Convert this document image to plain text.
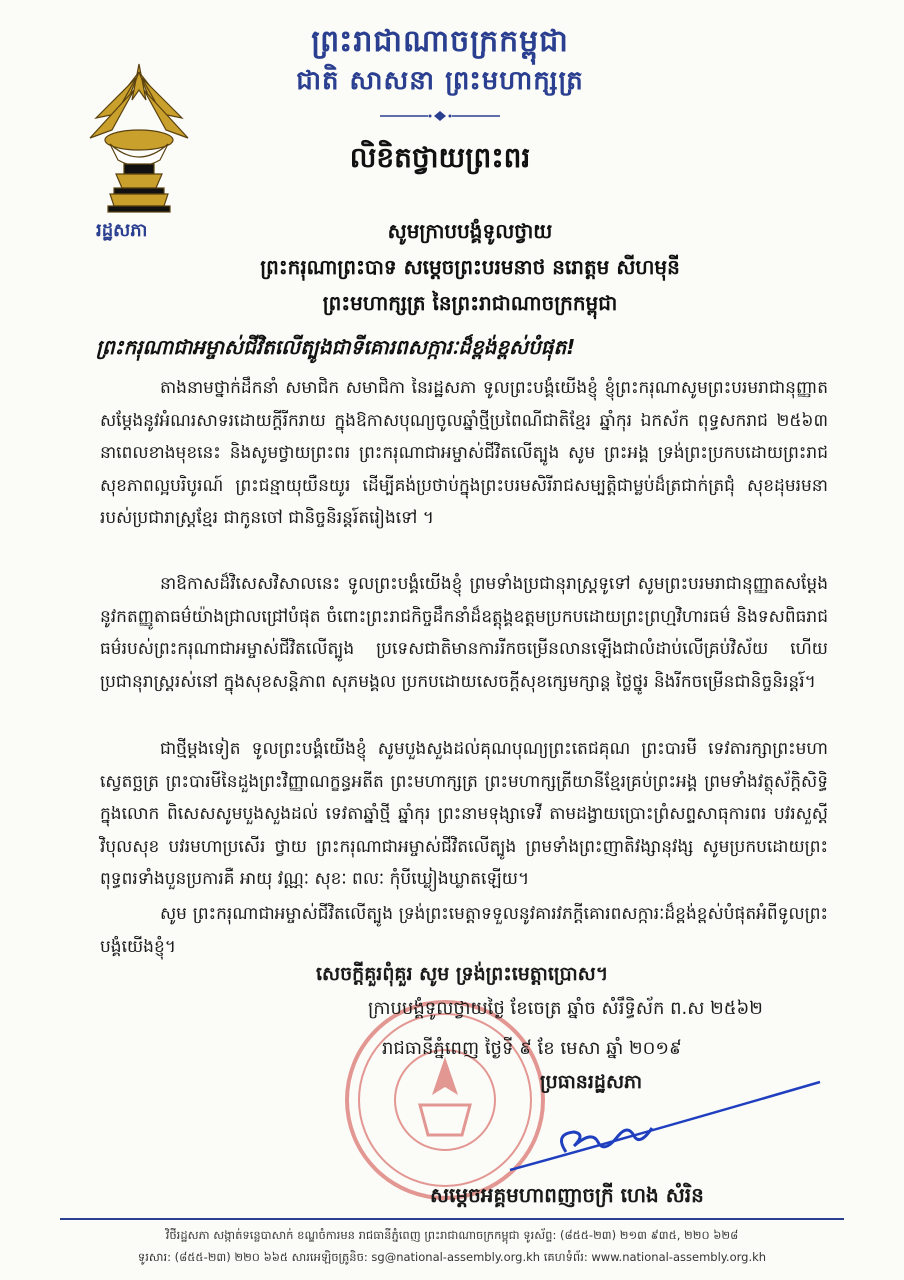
ព្រះរាជាណាចក្រកម្ពុជា
ជាតិ សាសនា ព្រះមហាក្សត្រ
លិខិតថ្វាយព្រះពរ
រដ្ឋសភា	សូមក្រាបបង្គំទូលថ្វាយ
ព្រះករុណាព្រះបាទ សម្ដេចព្រះបរមនាថ នរោត្ដម សីហមុនី
ព្រះមហាក្សត្រ នៃព្រះរាជាណាចក្រកម្ពុជា
ព្រះករុណាជាអម្ចាស់ជីវិតលើត្បូងជាទីគោរពសក្ការៈដ៏ខ្ពង់ខ្ពស់បំផុត!

តាងនាមថ្នាក់ដឹកនាំ សមាជិក សមាជិកា នៃរដ្ឋសភា ទូលព្រះបង្គំយើងខ្ញុំ ខ្ញុំព្រះករុណាសូមព្រះបរមរាជានុញ្ញាតសម្ដែងនូវអំណរសាទរដោយក្ដីរីករាយ ក្នុងឱកាសបុណ្យចូលឆ្នាំថ្មីប្រពៃណីជាតិខ្មែរ ឆ្នាំកុរ ឯកស័ក ពុទ្ធសករាជ ២៥៦៣ នាពេលខាងមុខនេះ និងសូមថ្វាយព្រះពរ ព្រះករុណាជាអម្ចាស់ជីវិតលើត្បូង សូម ព្រះអង្គ ទ្រង់ព្រះប្រកបដោយព្រះរាជសុខភាពល្អបរិបូរណ៍ ព្រះជន្មាយុយឺនយូរ ដើម្បីគង់ប្រថាប់ក្នុងព្រះបរមសិរីរាជសម្បត្តិជាម្លប់ដ៏ត្រជាក់ត្រជុំ សុខដុមរមនា របស់ប្រជារាស្ត្រខ្មែរ ជាកូនចៅ ជានិច្ចនិរន្តរ៍តរៀងទៅ ។

នាឱកាសដ៏វិសេសវិសាលនេះ ទូលព្រះបង្គំយើងខ្ញុំ ព្រមទាំងប្រជានុរាស្ត្រទូទៅ សូមព្រះបរមរាជានុញ្ញាតសម្ដែងនូវកតញ្ញូតាធម៌យ៉ាងជ្រាលជ្រៅបំផុត ចំពោះព្រះរាជកិច្ចដឹកនាំដ៏ឧត្ដុង្គឧត្ដមប្រកបដោយព្រះព្រហ្មវិហារធម៌ និងទសពិធរាជធម៌របស់ព្រះករុណាជាអម្ចាស់ជីវិតលើត្បូង ប្រទេសជាតិមានការរីកចម្រើនលានឡើងជាលំដាប់លើគ្រប់វិស័យ ហើយប្រជានុរាស្ត្ររស់នៅ ក្នុងសុខសន្ដិភាព សុភមង្គល ប្រកបដោយសេចក្ដីសុខក្សេមក្សាន្ត ថ្លៃថ្នូរ និងរីកចម្រើនជានិច្ចនិរន្តរ៍។

ជាថ្មីម្ដងទៀត ទូលព្រះបង្គំយើងខ្ញុំ សូមបួងសួងដល់គុណបុណ្យព្រះតេជគុណ ព្រះបារមី ទេវតារក្សាព្រះមហាស្វេតច្ឆត្រ ព្រះបារមីនៃដួងព្រះវិញ្ញាណក្ខន្ធអតីត ព្រះមហាក្សត្រ ព្រះមហាក្សត្រីយានីខ្មែរគ្រប់ព្រះអង្គ ព្រមទាំងវត្ថុស័ក្ដិសិទ្ធិក្នុងលោក ពិសេសសូមបួងសួងដល់ ទេវតាឆ្នាំថ្មី ឆ្នាំកុរ ព្រះនាមទុង្សាទេវី តាមដង្វាយប្រោះព្រំសព្ទសាធុការពរ បវរសួស្ដី វិបុលសុខ បវរមហាប្រសើរ ថ្វាយ ព្រះករុណាជាអម្ចាស់ជីវិតលើត្បូង ព្រមទាំងព្រះញាតិវង្សានុវង្ស សូមប្រកបដោយព្រះ ពុទ្ធពរទាំងបួនប្រការគឺ អាយុ វណ្ណៈ សុខៈ ពលៈ កុំបីឃ្លៀងឃ្លាតឡើយ។

សូម ព្រះករុណាជាអម្ចាស់ជីវិតលើត្បូង ទ្រង់ព្រះមេត្តាទទួលនូវគារវភក្ដីគោរពសក្ការៈដ៏ខ្ពង់ខ្ពស់បំផុតអំពីទូលព្រះបង្គំយើងខ្ញុំ។

សេចក្ដីគួរពុំគួរ សូម ទ្រង់ព្រះមេត្តាប្រោស។
ក្រាបបង្គំទូលថ្វាយថ្ងៃ ខែចេត្រ ឆ្នាំច សំរឹទ្ធិស័ក ព.ស ២៥៦២
រាជធានីភ្នំពេញ ថ្ងៃទី ៩ ខែ មេសា ឆ្នាំ ២០១៩
ប្រធានរដ្ឋសភា
សម្ដេចអគ្គមហាពញាចក្រី ហេង សំរិន
វិថីរដ្ឋសភា សង្កាត់ទន្លេបាសាក់ ខណ្ឌចំការមន រាជធានីភ្នំពេញ ព្រះរាជាណាចក្រកម្ពុជា ទូរស័ព្ទ: (៨៥៥-២៣) ២១៣ ៩៣៥, ២២០ ៦២៨
ទូរសារ: (៨៥៥-២៣) ២២០ ៦៦៥ សារអេឡិចត្រូនិច: sg@national-assembly.org.kh គេហទំព័រ: www.national-assembly.org.kh
